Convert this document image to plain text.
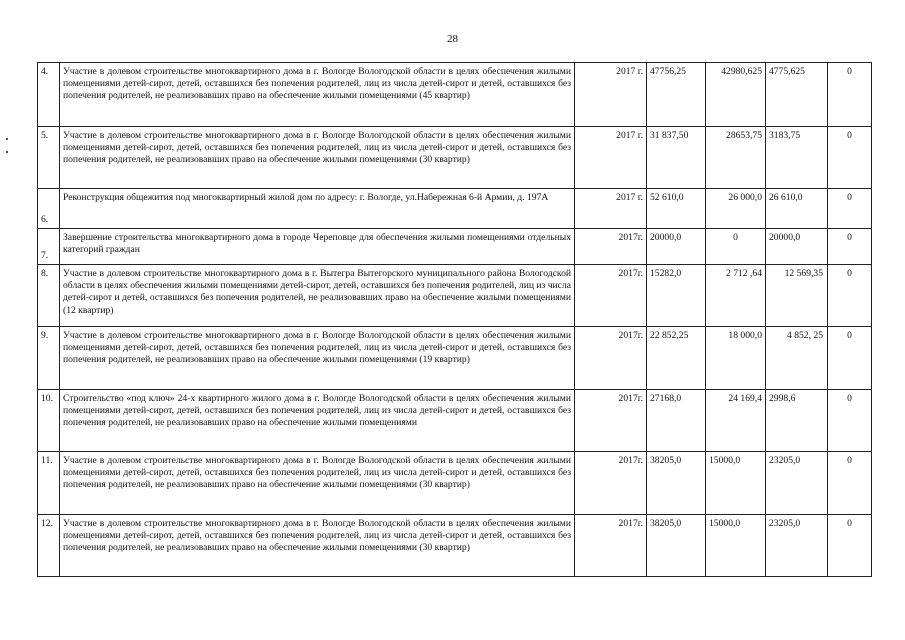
28
4.	Участие в долевом строительстве многоквартирного дома в г. Вологде Вологодской области в целях обеспечения жилыми помещениями детей-сирот, детей, оставшихся без попечения родителей, лиц из числа детей-сирот и детей, оставшихся без попечения родителей, не реализовавших право на обеспечение жилыми помещениями (45 квартир)	2017 г.	47756,25	42980,625	4775,625	0
5.	Участие в долевом строительстве многоквартирного дома в г. Вологде Вологодской области в целях обеспечения жилыми помещениями детей-сирот, детей, оставшихся без попечения родителей, лиц из числа детей-сирот и детей, оставшихся без попечения родителей, не реализовавших право на обеспечение жилыми помещениями (30 квартир)	2017 г.	31 837,50	28653,75	3183,75	0
6.	Реконструкция общежития под многоквартирный жилой дом по адресу: г. Вологде, ул.Набережная 6-й Армии, д. 197А	2017 г.	52 610,0	26 000,0	26 610,0	0
7.	Завершение строительства многоквартирного дома в городе Череповце для обеспечения жилыми помещениями отдельных категорий граждан	2017г.	20000,0	0	20000,0	0
8.	Участие в долевом строительстве многоквартирного дома в г. Вытегра Вытегорского муниципального района Вологодской области в целях обеспечения жилыми помещениями детей-сирот, детей, оставшихся без попечения родителей, лиц из числа детей-сирот и детей, оставшихся без попечения родителей, не реализовавших право на обеспечение жилыми помещениями (12 квартир)	2017г.	15282,0	2 712 ,64	12 569,35	0
9.	Участие в долевом строительстве многоквартирного дома в г. Вологде Вологодской области в целях обеспечения жилыми помещениями детей-сирот, детей, оставшихся без попечения родителей, лиц из числа детей-сирот и детей, оставшихся без попечения родителей, не реализовавших право на обеспечение жилыми помещениями (19 квартир)	2017г.	22 852,25	18 000,0	4 852, 25	0
10.	Строительство «под ключ» 24-х квартирного жилого дома в г. Вологде Вологодской области в целях обеспечения жилыми помещениями детей-сирот, детей, оставшихся без попечения родителей, лиц из числа детей-сирот и детей, оставшихся без попечения родителей, не реализовавших право на обеспечение жилыми помещениями	2017г.	27168,0	24 169,4	2998,6	0
11.	Участие в долевом строительстве многоквартирного дома в г. Вологде Вологодской области в целях обеспечения жилыми помещениями детей-сирот, детей, оставшихся без попечения родителей, лиц из числа детей-сирот и детей, оставшихся без попечения родителей, не реализовавших право на обеспечение жилыми помещениями (30 квартир)	2017г.	38205,0	15000,0	23205,0	0
12.	Участие в долевом строительстве многоквартирного дома в г. Вологде Вологодской области в целях обеспечения жилыми помещениями детей-сирот, детей, оставшихся без попечения родителей, лиц из числа детей-сирот и детей, оставшихся без попечения родителей, не реализовавших право на обеспечение жилыми помещениями (30 квартир)	2017г.	38205,0	15000,0	23205,0	0
